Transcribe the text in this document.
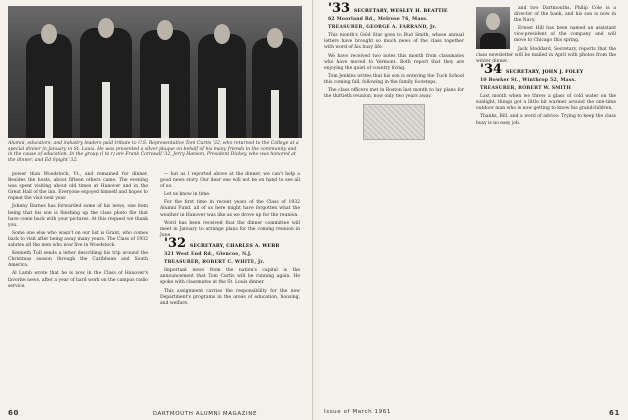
Alumni, educators, and industry leaders paid tribute to U.S. Representative Tom Curtis '32, who returned to the College at a special dinner in January in St. Louis. He was presented a silver plaque on behalf of his many friends in the community and in the cause of education. In the group (l to r) are Frank Cornwall '32, Jerry Hanson, President Dickey, who was honored at the dinner, and Ed Spight '32.

power than Woodstock, Vt., and remained for dinner. Besides the hosts, about fifteen others came. The evening was spent visiting about old times at Hanover and in the Great Hall of the inn. Everyone enjoyed himself and hopes to repeat the visit next year.

Johnny Barnes has forwarded some of his news, one item being that his son is finishing up the class photo file that have come back with your pictures. At this request we thank you.

Some one else who wasn't on our list is Grant, who comes back to visit after being away many years. The Class of 1932 salutes all the men who now live in Woodstock.

Kenneth Tull sends a letter describing his trip around the Christmas season through the Caribbean and South America.

Al Lamb wrote that he is now in the Class of Hanover's favorite news, after a year of hard work on the campus radio service.

— but as I reported above at the dinner, we can't help a good news story. Our dear one will not be on hand to see all of us.

Let us know in time.

For the first time in recent years of the Class of 1932 Alumni Fund, all of us here might have forgotten what the weather in Hanover was like as we drove up for the reunion.

Word has been received that the dinner committee will meet in January to arrange plans for the coming reunion in June.

'32 SECRETARY, CHARLES A. WEBB

321 West End Rd., Glencoe, N.J.

TREASURER, ROBERT C. WHITE, Jr.

Important news from the nation's capital is the announcement that Tom Curtis will be running again. He spoke with classmates at the St. Louis dinner.

This assignment carries the responsibility for the new Department's programs in the areas of education, housing, and welfare.

60	DARTMOUTH ALUMNI MAGAZINE

'33 SECRETARY, WESLEY H. BEATTIE

62 Moorland Rd., Melrose 76, Mass.

TREASURER, GEORGE A. FARRAND, Jr.

This month's Gold Star goes to Bud Smith, whose annual letters have brought so much news of the class together with word of his busy life.

We have received two notes this month from classmates who have moved to Vermont. Both report that they are enjoying the quiet of country living.

Tom Jenkins writes that his son is entering the Tuck School this coming fall, following in the family footsteps.

The class officers met in Boston last month to lay plans for the thirtieth reunion, now only two years away.

and two Dartmouths. Philip Cole is a director of the bank, and his son is now in the Navy.

Ernest Hill has been named an assistant vice-president of the company and will move to Chicago this spring.

Jack Stoddard, Secretary, reports that the class newsletter will be mailed in April with photos from the winter dinner.

'34 SECRETARY, JOHN J. FOLEY

10 Bowker St., Winthrop 52, Mass.

TREASURER, ROBERT W. SMITH

Last month when we threw a glass of cold water on the sunlight, things got a little bit warmer around the one-time outdoor man who is now getting to know his grandchildren.

Thanks, Bill, and a word of advice: Trying to keep the class busy is no easy job.

Issue of March 1961	61
